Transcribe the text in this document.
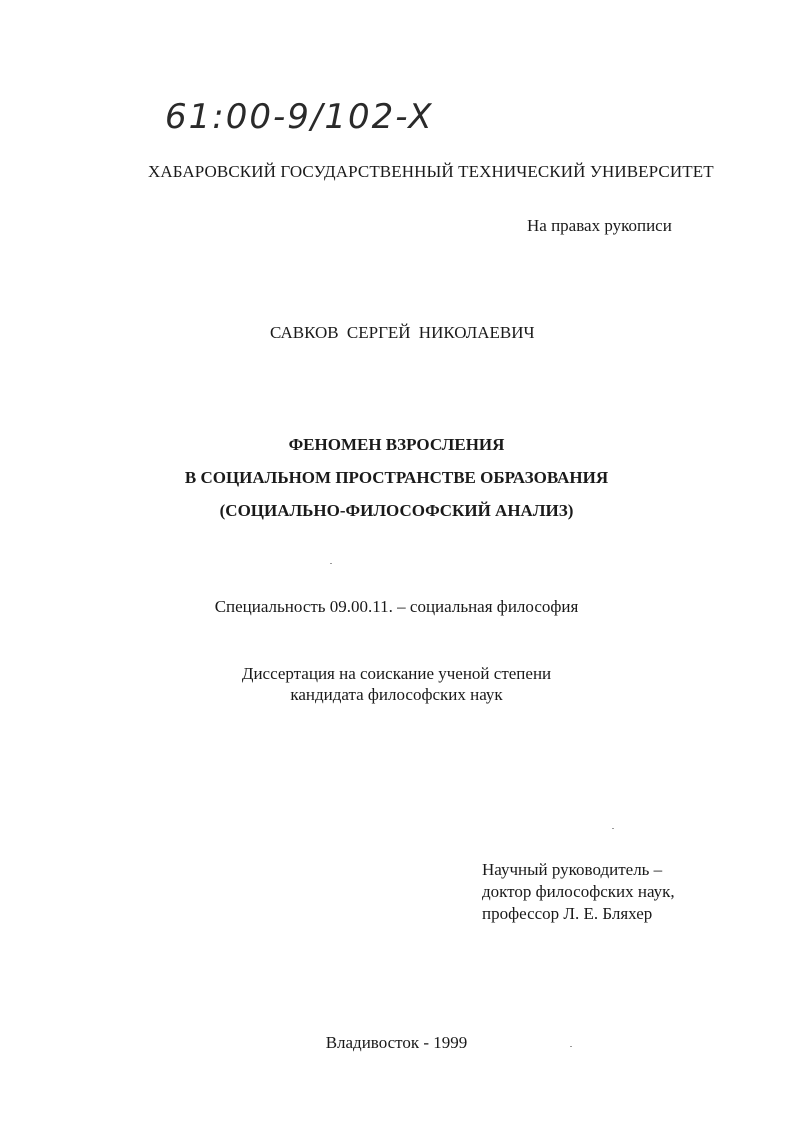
61:00-9/102-X
ХАБАРОВСКИЙ ГОСУДАРСТВЕННЫЙ ТЕХНИЧЕСКИЙ УНИВЕРСИТЕТ
На правах рукописи
САВКОВ СЕРГЕЙ НИКОЛАЕВИЧ
ФЕНОМЕН ВЗРОСЛЕНИЯ
В СОЦИАЛЬНОМ ПРОСТРАНСТВЕ ОБРАЗОВАНИЯ
(СОЦИАЛЬНО-ФИЛОСОФСКИЙ АНАЛИЗ)
Специальность 09.00.11. – социальная философия
Диссертация на соискание ученой степени
кандидата философских наук
Научный руководитель –
доктор философских наук,
профессор Л. Е. Бляхер
Владивосток - 1999
